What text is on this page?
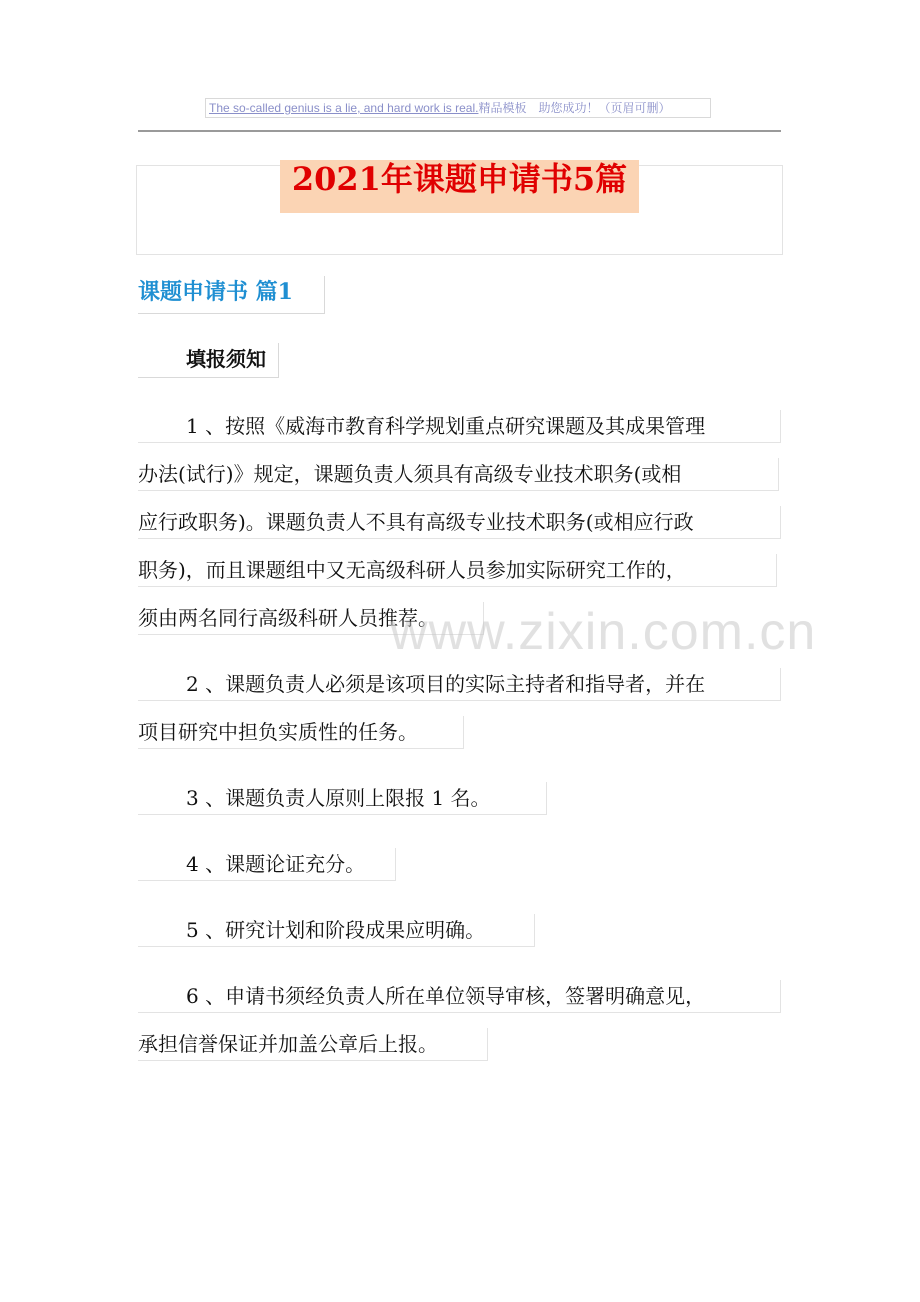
The so-called genius is a lie, and hard work is real.精品模板　助您成功！（页眉可删）
2021年课题申请书5篇
课题申请书 篇1
填报须知
1 、按照《威海市教育科学规划重点研究课题及其成果管理
办法(试行)》规定，课题负责人须具有高级专业技术职务(或相
应行政职务)。课题负责人不具有高级专业技术职务(或相应行政
职务)，而且课题组中又无高级科研人员参加实际研究工作的，
须由两名同行高级科研人员推荐。
2 、课题负责人必须是该项目的实际主持者和指导者，并在
项目研究中担负实质性的任务。
3 、课题负责人原则上限报 1 名。
4 、课题论证充分。
5 、研究计划和阶段成果应明确。
6 、申请书须经负责人所在单位领导审核，签署明确意见，
承担信誉保证并加盖公章后上报。
www.zixin.com.cn
